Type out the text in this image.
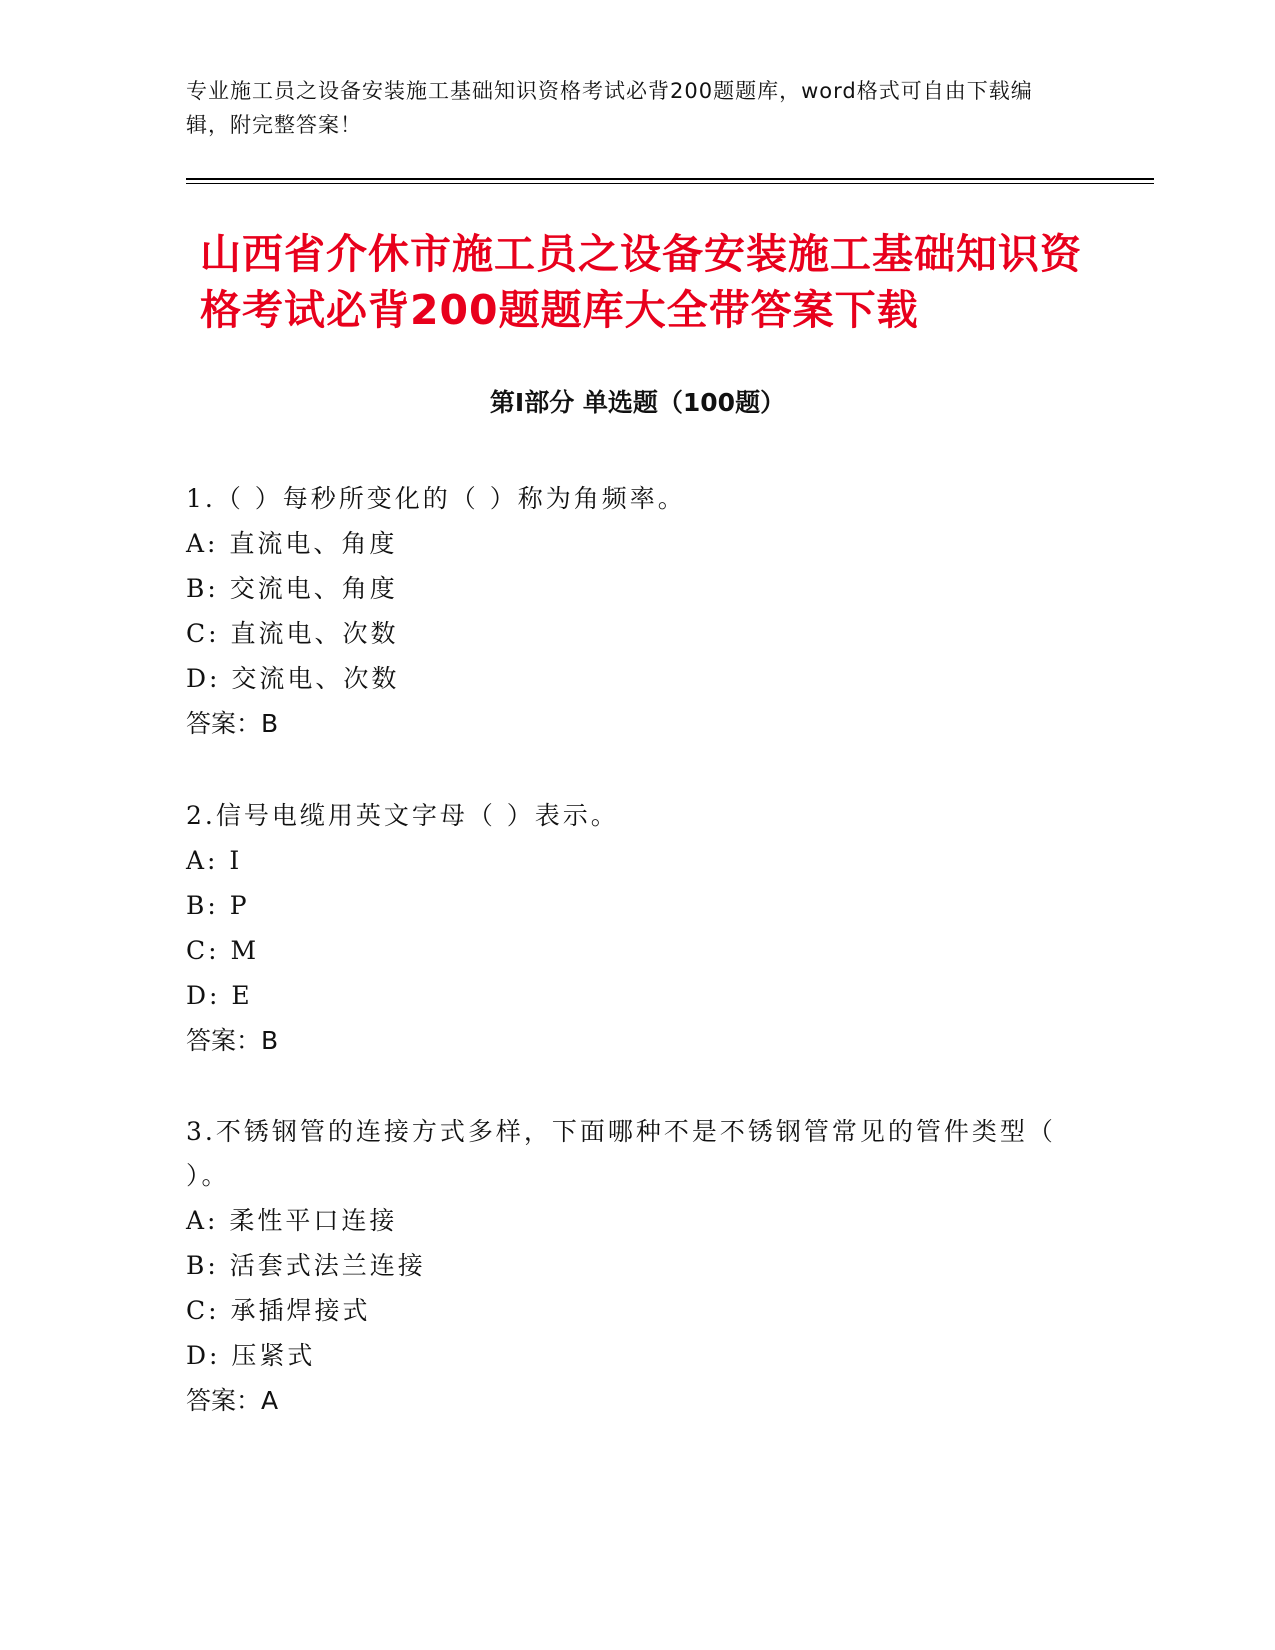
专业施工员之设备安装施工基础知识资格考试必背200题题库，word格式可自由下载编辑，附完整答案！

山西省介休市施工员之设备安装施工基础知识资格考试必背200题题库大全带答案下载
第Ⅰ部分 单选题（100题）

1.（ ）每秒所变化的（ ）称为角频率。

A: 直流电、角度

B: 交流电、角度

C: 直流电、次数

D: 交流电、次数

答案：B

2.信号电缆用英文字母（ ）表示。

A: I

B: P

C: M

D: E

答案：B

3.不锈钢管的连接方式多样，下面哪种不是不锈钢管常见的管件类型（ ）。

A: 柔性平口连接

B: 活套式法兰连接

C: 承插焊接式

D: 压紧式

答案：A
